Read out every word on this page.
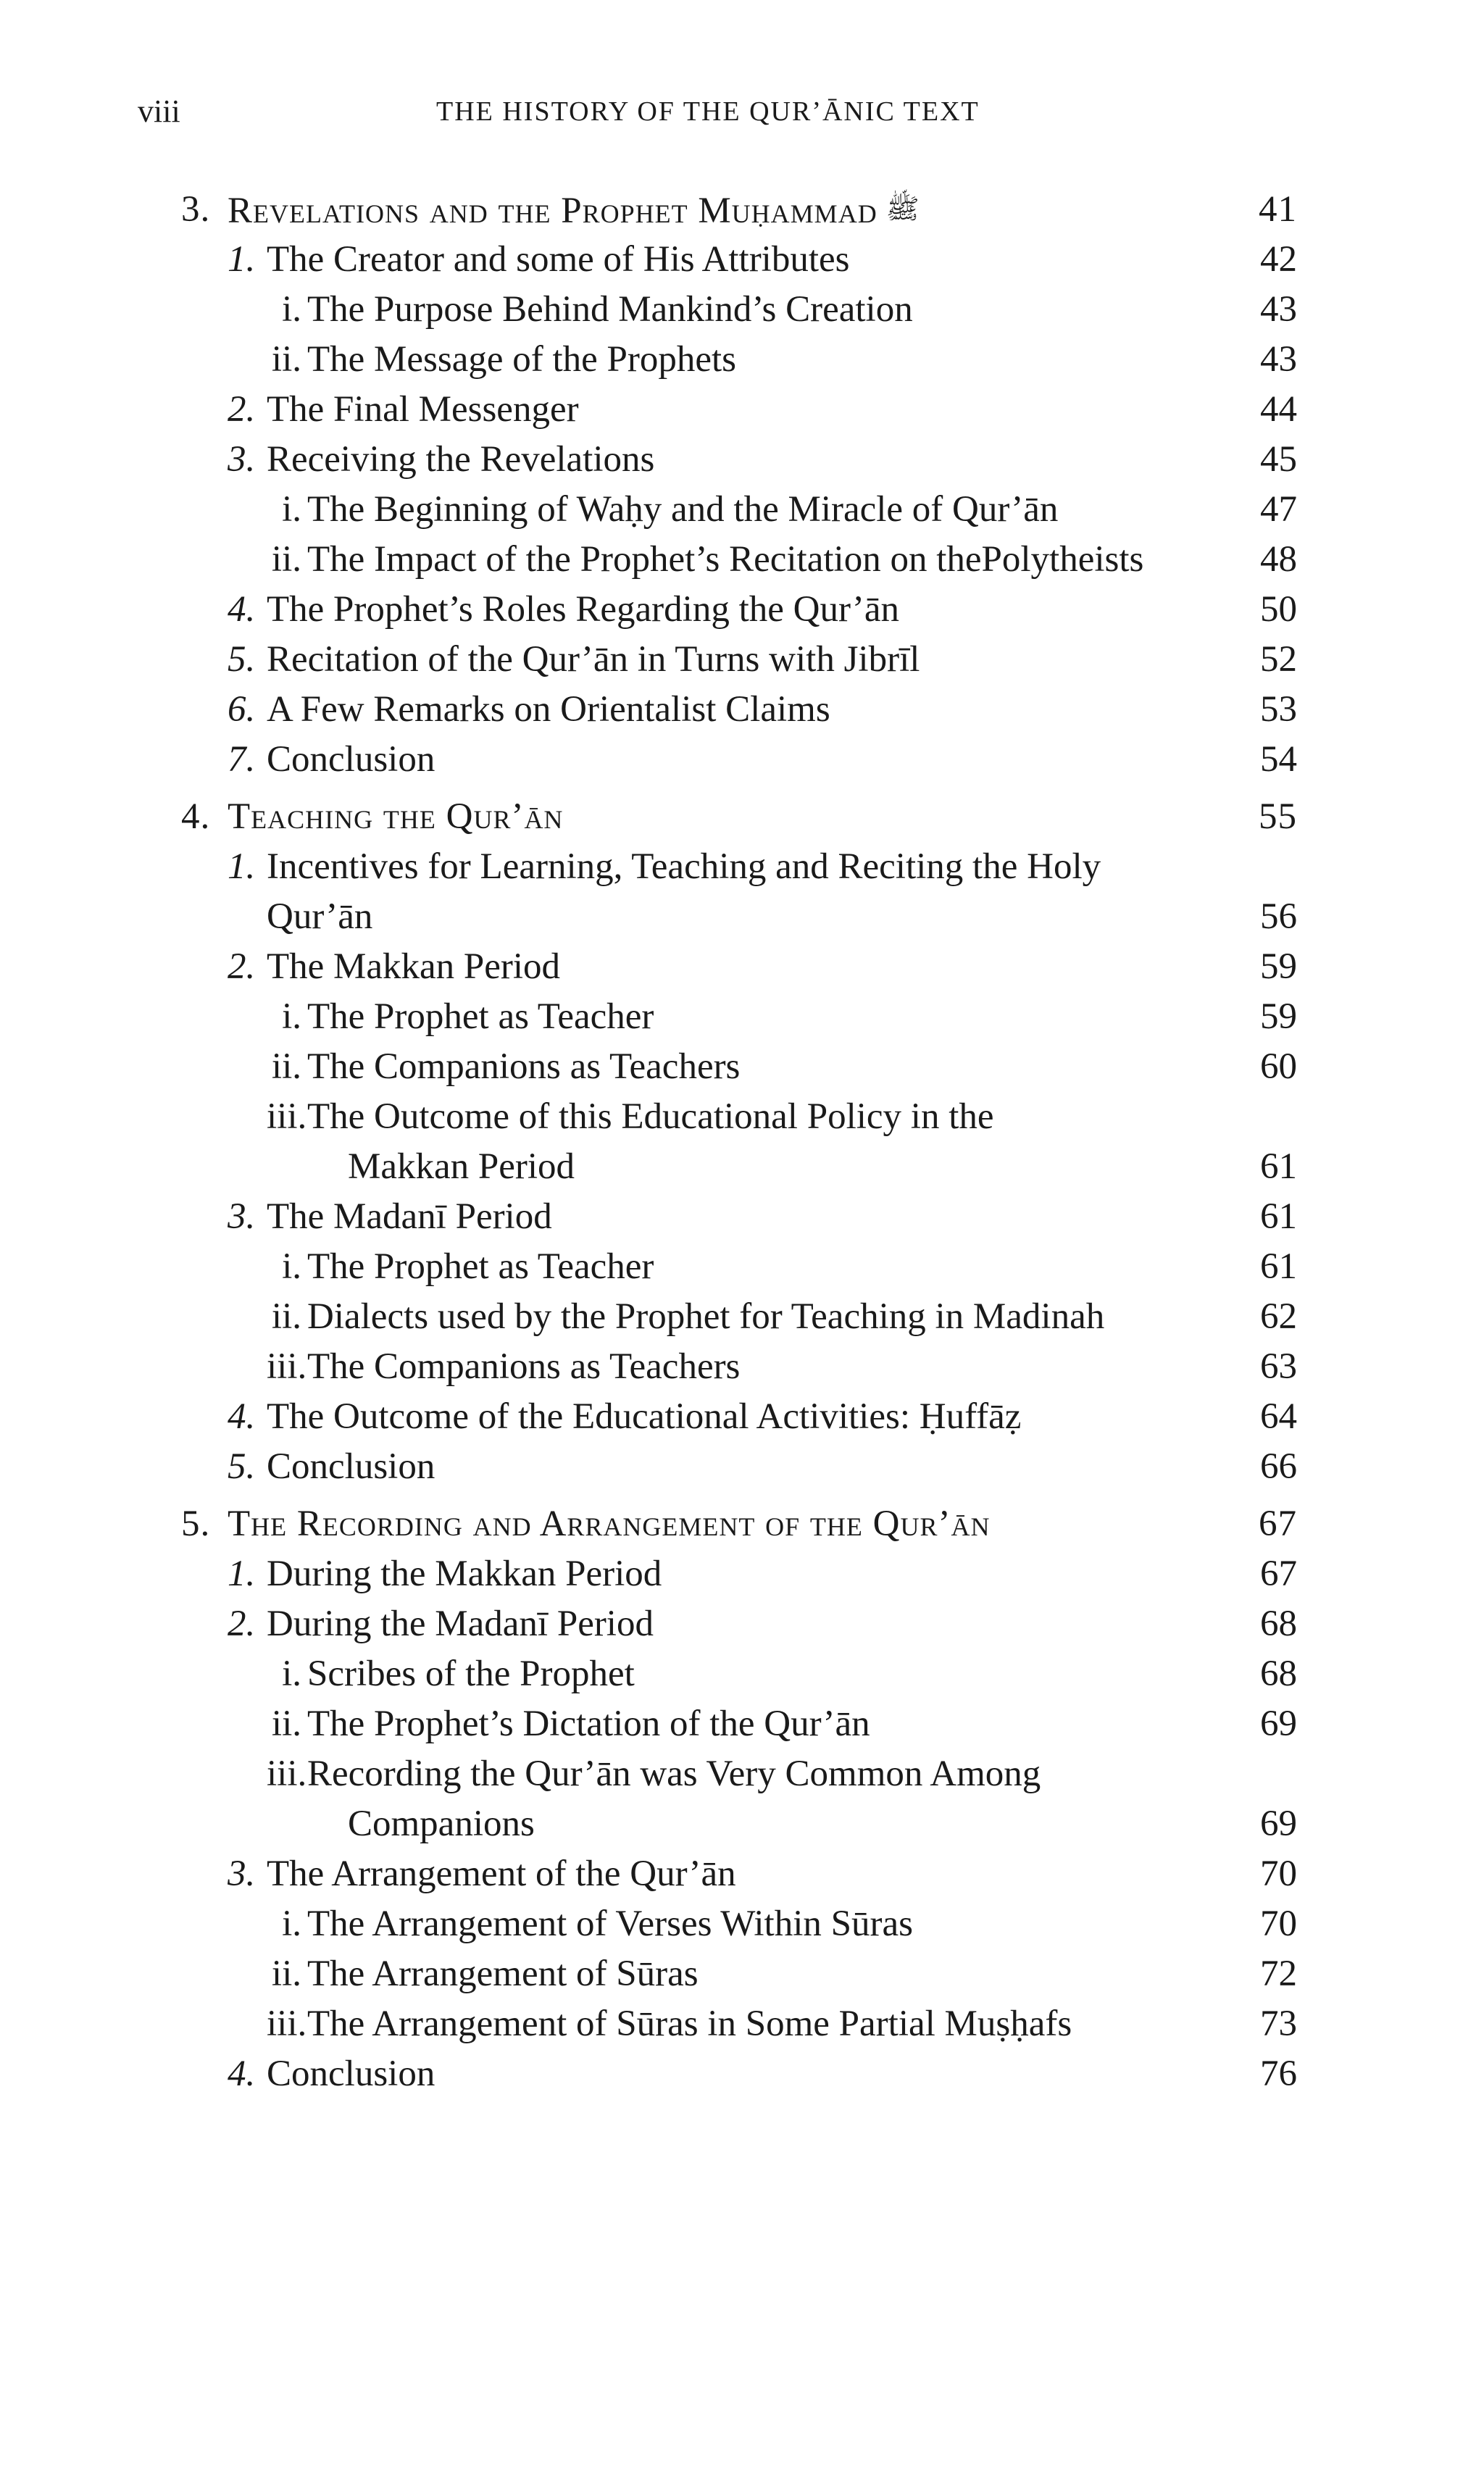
viii	THE HISTORY OF THE QUR’ĀNIC TEXT
3. Revelations and the Prophet Muḥammad ﷺ	41
1. The Creator and some of His Attributes	42
i. The Purpose Behind Mankind’s Creation	43
ii. The Message of the Prophets	43
2. The Final Messenger	44
3. Receiving the Revelations	45
i. The Beginning of Waḥy and the Miracle of Qur’ān	47
ii. The Impact of the Prophet’s Recitation on thePolytheists	48
4. The Prophet’s Roles Regarding the Qur’ān	50
5. Recitation of the Qur’ān in Turns with Jibrīl	52
6. A Few Remarks on Orientalist Claims	53
7. Conclusion	54
4. Teaching the Qur’ān	55
1. Incentives for Learning, Teaching and Reciting the Holy
Qur’ān	56
2. The Makkan Period	59
i. The Prophet as Teacher	59
ii. The Companions as Teachers	60
iii. The Outcome of this Educational Policy in the
Makkan Period	61
3. The Madanī Period	61
i. The Prophet as Teacher	61
ii. Dialects used by the Prophet for Teaching in Madinah	62
iii. The Companions as Teachers	63
4. The Outcome of the Educational Activities: Ḥuffāẓ	64
5. Conclusion	66
5. The Recording and Arrangement of the Qur’ān	67
1. During the Makkan Period	67
2. During the Madanī Period	68
i. Scribes of the Prophet	68
ii. The Prophet’s Dictation of the Qur’ān	69
iii. Recording the Qur’ān was Very Common Among
Companions	69
3. The Arrangement of the Qur’ān	70
i. The Arrangement of Verses Within Sūras	70
ii. The Arrangement of Sūras	72
iii. The Arrangement of Sūras in Some Partial Muṣḥafs	73
4. Conclusion	76
